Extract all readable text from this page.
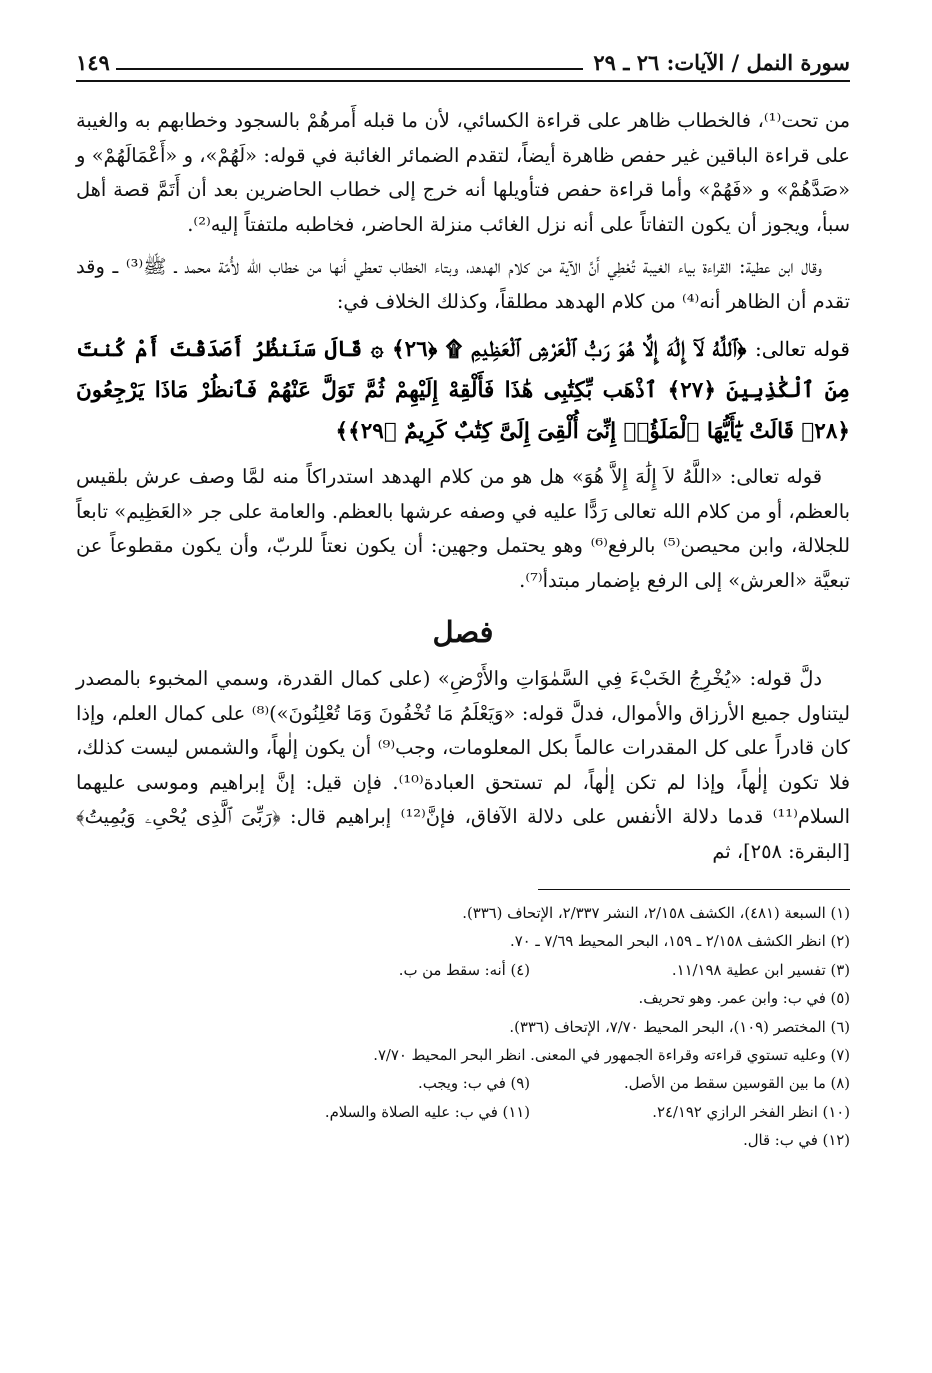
سورة النمل / الآيات: ٢٦ ـ ٢٩
١٤٩

من تحت⁽¹⁾، فالخطاب ظاهر على قراءة الكسائي، لأن ما قبله أَمرهُمْ بالسجود وخطابهم به والغيبة على قراءة الباقين غير حفص ظاهرة أيضاً، لتقدم الضمائر الغائبة في قوله: «لَهُمْ»، و «أَعْمَالَهُمْ» و «صَدَّهُمْ» و «فَهُمْ» وأما قراءة حفص فتأويلها أنه خرج إلى خطاب الحاضرين بعد أن أَتَمَّ قصة أهل سبأ، ويجوز أن يكون التفاتاً على أنه نزل الغائب منزلة الحاضر، فخاطبه ملتفتاً إليه⁽²⁾.

وقال ابن عطية: القراءة بياء الغيبة تُعْطِي أَنَّ الآية من كلام الهدهد، وبتاء الخطاب تعطي أنها من خطاب الله لأُمّة محمد ـ ﷺ⁽³⁾ ـ وقد تقدم أن الظاهر أنه⁽⁴⁾ من كلام الهدهد مطلقاً، وكذلك الخلاف في:

قوله تعالى: ﴿ٱللَّهُ لَآ إِلَٰهَ إِلَّا هُوَ رَبُّ ٱلْعَرْشِ ٱلْعَظِيمِ ۩ ﴿٢٦﴾ ۞ قَالَ سَنَنظُرُ أَصَدَقْتَ أَمْ كُنتَ مِنَ ٱلْكَٰذِبِينَ ﴿٢٧﴾ ٱذْهَب بِّكِتَٰبِى هَٰذَا فَأَلْقِهْ إِلَيْهِمْ ثُمَّ تَوَلَّ عَنْهُمْ فَٱنظُرْ مَاذَا يَرْجِعُونَ ﴿٢٨﴾ قَالَتْ يَٰٓأَيُّهَا ٱلْمَلَؤُا۟ إِنِّىٓ أُلْقِىَ إِلَىَّ كِتَٰبٌ كَرِيمٌ ﴿٢٩﴾﴾

قوله تعالى: «اللَّهُ لاَ إِلَٰهَ إِلاَّ هُوَ» هل هو من كلام الهدهد استدراكاً منه لمَّا وصف عرش بلقيس بالعظم، أو من كلام الله تعالى رَدًّا عليه في وصفه عرشها بالعظم. والعامة على جر «العَظِيم» تابعاً للجلالة، وابن محيصن⁽⁵⁾ بالرفع⁽⁶⁾ وهو يحتمل وجهين: أن يكون نعتاً للربّ، وأن يكون مقطوعاً عن تبعيَّة «العرش» إلى الرفع بإضمار مبتدأ⁽⁷⁾.

فصل

دلَّ قوله: «يُخْرِجُ الخَبْءَ فِي السَّمٰوَاتِ والأَرْضِ» (على كمال القدرة، وسمي المخبوء بالمصدر ليتناول جميع الأرزاق والأموال، فدلَّ قوله: «وَيَعْلَمُ مَا تُخْفُونَ وَمَا تُعْلِنُونَ»)⁽⁸⁾ على كمال العلم، وإذا كان قادراً على كل المقدرات عالماً بكل المعلومات، وجب⁽⁹⁾ أن يكون إلٰهاً، والشمس ليست كذلك، فلا تكون إلٰهاً، وإذا لم تكن إلٰهاً، لم تستحق العبادة⁽¹⁰⁾. فإن قيل: إنَّ إبراهيم وموسى عليهما السلام⁽¹¹⁾ قدما دلالة الأنفس على دلالة الآفاق، فإنَّ⁽¹²⁾ إبراهيم قال: ﴿رَبِّىَ ٱلَّذِى يُحْىِۦ وَيُمِيتُ﴾ [البقرة: ٢٥٨]، ثم

(١) السبعة (٤٨١)، الكشف ٢/١٥٨، النشر ٢/٣٣٧، الإتحاف (٣٣٦).
(٢) انظر الكشف ٢/١٥٨ ـ ١٥٩، البحر المحيط ٧/٦٩ ـ ٧٠.
(٣) تفسير ابن عطية ١١/١٩٨.
(٤) أنه: سقط من ب.
(٥) في ب: وابن عمر. وهو تحريف.
(٦) المختصر (١٠٩)، البحر المحيط ٧/٧٠، الإتحاف (٣٣٦).
(٧) وعليه تستوي قراءته وقراءة الجمهور في المعنى. انظر البحر المحيط ٧/٧٠.
(٨) ما بين القوسين سقط من الأصل.
(٩) في ب: ويجب.
(١٠) انظر الفخر الرازي ٢٤/١٩٢.
(١١) في ب: عليه الصلاة والسلام.
(١٢) في ب: قال.
